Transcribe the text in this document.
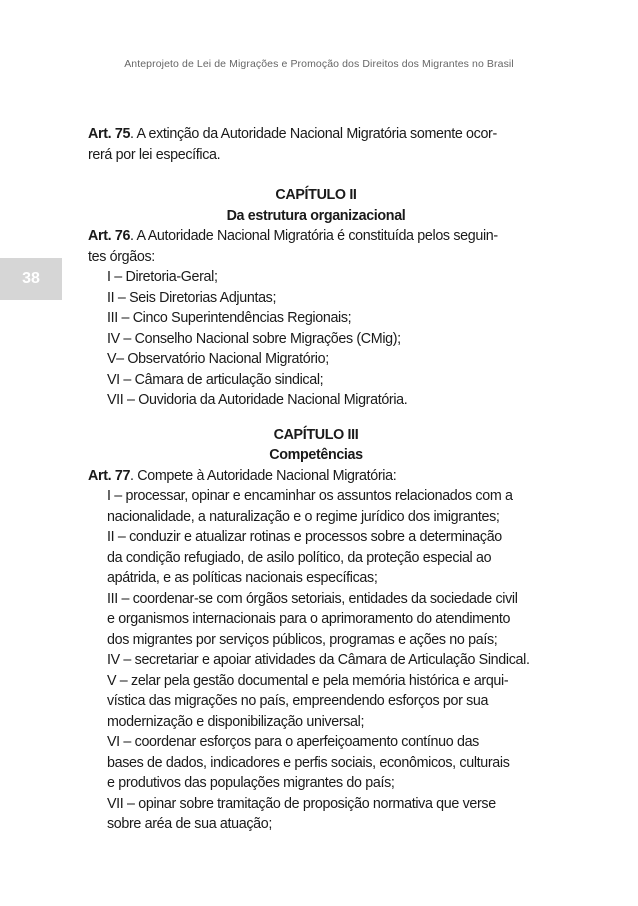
Anteprojeto de Lei de Migrações e Promoção dos Direitos dos Migrantes no Brasil
38

Art. 75. A extinção da Autoridade Nacional Migratória somente ocor-

rerá por lei específica.

CAPÍTULO II

Da estrutura organizacional

Art. 76. A Autoridade Nacional Migratória é constituída pelos seguin-

tes órgãos:

I – Diretoria-Geral;

II – Seis Diretorias Adjuntas;

III – Cinco Superintendências Regionais;

IV – Conselho Nacional sobre Migrações (CMig);

V– Observatório Nacional Migratório;

VI – Câmara de articulação sindical;

VII – Ouvidoria da Autoridade Nacional Migratória.

CAPÍTULO III

Competências

Art. 77. Compete à Autoridade Nacional Migratória:

I – processar, opinar e encaminhar os assuntos relacionados com a

nacionalidade, a naturalização e o regime jurídico dos imigrantes;

II – conduzir e atualizar rotinas e processos sobre a determinação

da condição refugiado, de asilo político, da proteção especial ao

apátrida, e as políticas nacionais específicas;

III – coordenar-se com órgãos setoriais, entidades da sociedade civil

e organismos internacionais para o aprimoramento do atendimento

dos migrantes por serviços públicos, programas e ações no país;

IV – secretariar e apoiar atividades da Câmara de Articulação Sindical.

V – zelar pela gestão documental e pela memória histórica e arqui-

vística das migrações no país, empreendendo esforços por sua

modernização e disponibilização universal;

VI – coordenar esforços para o aperfeiçoamento contínuo das

bases de dados, indicadores e perfis sociais, econômicos, culturais

e produtivos das populações migrantes do país;

VII – opinar sobre tramitação de proposição normativa que verse

sobre aréa de sua atuação;
